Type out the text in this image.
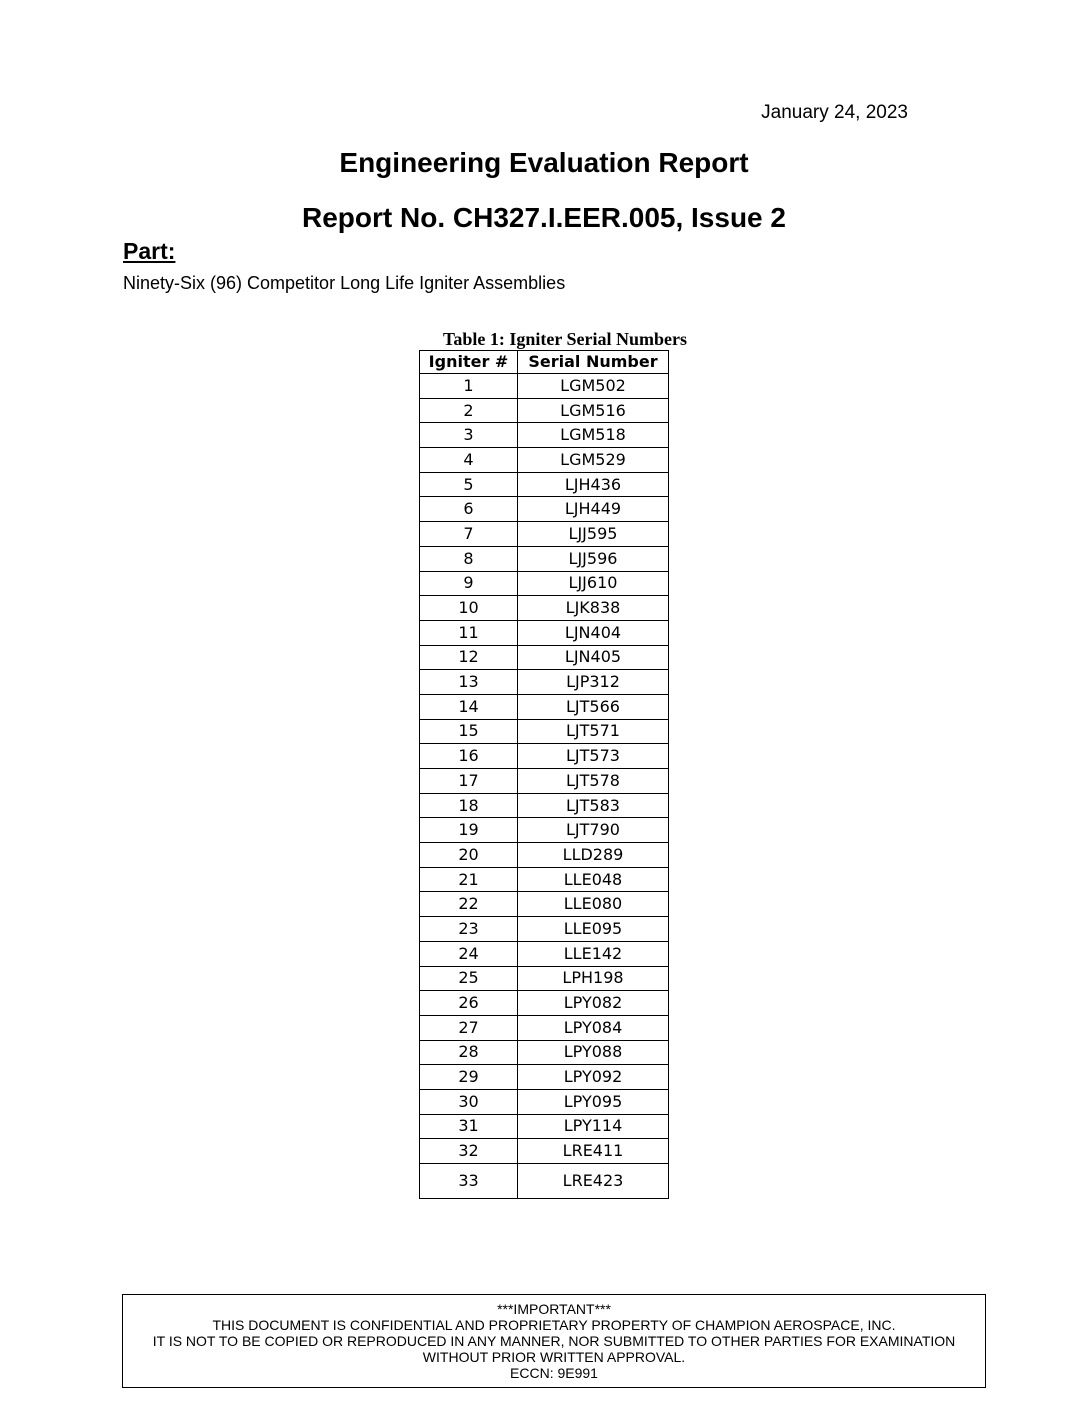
January 24, 2023
Engineering Evaluation Report
Report No. CH327.I.EER.005, Issue 2
Part:
Ninety-Six (96) Competitor Long Life Igniter Assemblies
Table 1: Igniter Serial Numbers
Igniter #	Serial Number
1	LGM502
2	LGM516
3	LGM518
4	LGM529
5	LJH436
6	LJH449
7	LJJ595
8	LJJ596
9	LJJ610
10	LJK838
11	LJN404
12	LJN405
13	LJP312
14	LJT566
15	LJT571
16	LJT573
17	LJT578
18	LJT583
19	LJT790
20	LLD289
21	LLE048
22	LLE080
23	LLE095
24	LLE142
25	LPH198
26	LPY082
27	LPY084
28	LPY088
29	LPY092
30	LPY095
31	LPY114
32	LRE411
33	LRE423
***IMPORTANT***
THIS DOCUMENT IS CONFIDENTIAL AND PROPRIETARY PROPERTY OF CHAMPION AEROSPACE, INC.
IT IS NOT TO BE COPIED OR REPRODUCED IN ANY MANNER, NOR SUBMITTED TO OTHER PARTIES FOR EXAMINATION
WITHOUT PRIOR WRITTEN APPROVAL.
ECCN: 9E991
